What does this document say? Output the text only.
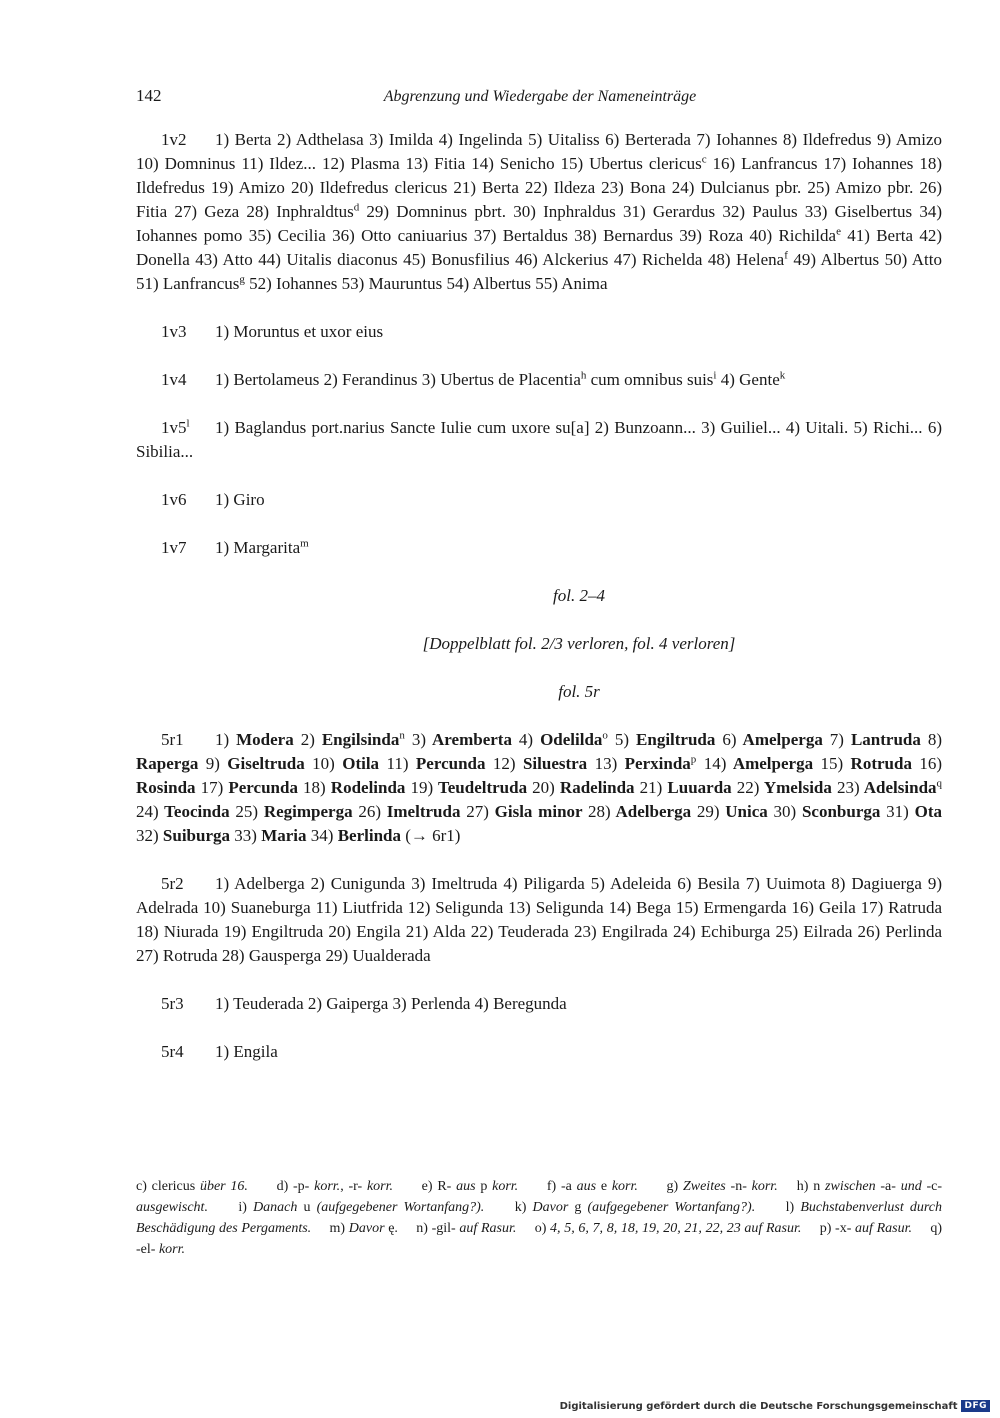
142	Abgrenzung und Wiedergabe der Nameneinträge
1v2 1) Berta 2) Adthelasa 3) Imilda 4) Ingelinda 5) Uitaliss 6) Berterada 7) Iohannes 8) Ildefredus 9) Amizo 10) Domninus 11) Ildez... 12) Plasma 13) Fitia 14) Senicho 15) Ubertus clericus$^c$ 16) Lanfrancus 17) Iohannes 18) Ildefredus 19) Amizo 20) Ildefredus clericus 21) Berta 22) Ildeza 23) Bona 24) Dulcianus pbr. 25) Amizo pbr. 26) Fitia 27) Geza 28) Inphraldtus$^d$ 29) Domninus pbrt. 30) Inphraldus 31) Gerardus 32) Paulus 33) Giselbertus 34) Iohannes pomo 35) Cecilia 36) Otto caniuarius 37) Bertaldus 38) Bernardus 39) Roza 40) Richilda$^e$ 41) Berta 42) Donella 43) Atto 44) Uitalis diaconus 45) Bonusfilius 46) Alckerius 47) Richelda 48) Helena$^f$ 49) Albertus 50) Atto 51) Lanfrancus$^g$ 52) Iohannes 53) Mauruntus 54) Albertus 55) Anima
1v3 1) Moruntus et uxor eius
1v4 1) Bertolameus 2) Ferandinus 3) Ubertus de Placentia$^h$ cum omnibus suis$^i$ 4) Gente$^k$
1v5$^l$ 1) Baglandus port.narius Sancte Iulie cum uxore su[a] 2) Bunzoann... 3) Guiliel... 4) Uitali. 5) Richi... 6) Sibilia...
1v6 1) Giro
1v7 1) Margarita$^m$
fol. 2–4
[Doppelblatt fol. 2/3 verloren, fol. 4 verloren]
fol. 5r
5r1 1) Modera 2) Engilsinda$^n$ 3) Aremberta 4) Odelilda$^o$ 5) Engiltruda 6) Amelperga 7) Lantruda 8) Raperga 9) Giseltruda 10) Otila 11) Percunda 12) Siluestra 13) Perxinda$^p$ 14) Amelperga 15) Rotruda 16) Rosinda 17) Percunda 18) Rodelinda 19) Teudeltruda 20) Radelinda 21) Luuarda 22) Ymelsida 23) Adelsinda$^q$ 24) Teocinda 25) Regimperga 26) Imeltruda 27) Gisla minor 28) Adelberga 29) Unica 30) Sconburga 31) Ota 32) Suiburga 33) Maria 34) Berlinda (→ 6r1)
5r2 1) Adelberga 2) Cunigunda 3) Imeltruda 4) Piligarda 5) Adeleida 6) Besila 7) Uuimota 8) Dagiuerga 9) Adelrada 10) Suaneburga 11) Liutfrida 12) Seligunda 13) Seligunda 14) Bega 15) Ermengarda 16) Geila 17) Ratruda 18) Niurada 19) Engiltruda 20) Engila 21) Alda 22) Teuderada 23) Engilrada 24) Echiburga 25) Eilrada 26) Perlinda 27) Rotruda 28) Gausperga 29) Uualderada
5r3 1) Teuderada 2) Gaiperga 3) Perlenda 4) Beregunda
5r4 1) Engila
c) clericus über 16.      d) -p- korr., -r- korr.      e) R- aus p korr.      f) -a aus e korr.      g) Zweites -n- korr.    h) n zwischen -a- und -c- ausgewischt.     i) Danach u (aufgegebener Wortanfang?).     k) Davor g (aufgegebener Wortanfang?).     l) Buchstabenverlust durch Beschädigung des Pergaments.     m) Davor ę.     n) -gil- auf Rasur.     o) 4, 5, 6, 7, 8, 18, 19, 20, 21, 22, 23 auf Rasur.     p) -x- auf Rasur.     q) -el- korr.
Digitalisierung gefördert durch die Deutsche Forschungsgemeinschaft DFG
